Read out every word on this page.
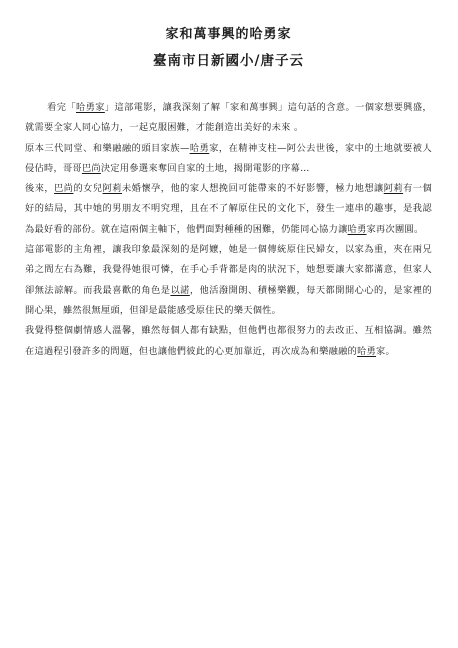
家和萬事興的哈勇家
臺南市日新國小/唐子云

看完「哈勇家」這部電影，讓我深刻了解「家和萬事興」這句話的含意。一個家想要興盛，就需要全家人同心協力，一起克服困難，才能創造出美好的未來 。

原本三代同堂、和樂融融的頭目家族—哈勇家，在精神支柱—阿公去世後，家中的土地就要被人侵佔時，哥哥巴尚決定用參選來奪回自家的土地，揭開電影的序幕…

後來，巴尚的女兒阿莉未婚懷孕，他的家人想挽回可能帶來的不好影響，極力地想讓阿莉有一個好的結局，其中她的男朋友不明究理，且在不了解原住民的文化下，發生一連串的趣事，是我認為最好看的部份。就在這兩個主軸下，他們面對種種的困難，仍能同心協力讓哈勇家再次團圓。

這部電影的主角裡，讓我印象最深刻的是阿嬤，她是一個傳統原住民婦女，以家為重，夾在兩兄弟之間左右為難，我覺得她很可憐，在手心手背都是肉的狀況下，她想要讓大家都滿意，但家人卻無法諒解。而我最喜歡的角色是以諾，他活潑開朗、積極樂觀，每天都開開心心的，是家裡的開心果，雖然很無厘頭，但卻是最能感受原住民的樂天個性。

我覺得整個劇情感人溫馨，雖然每個人都有缺點，但他們也都很努力的去改正、互相協調。雖然在這過程引發許多的問題，但也讓他們彼此的心更加靠近，再次成為和樂融融的哈勇家。
